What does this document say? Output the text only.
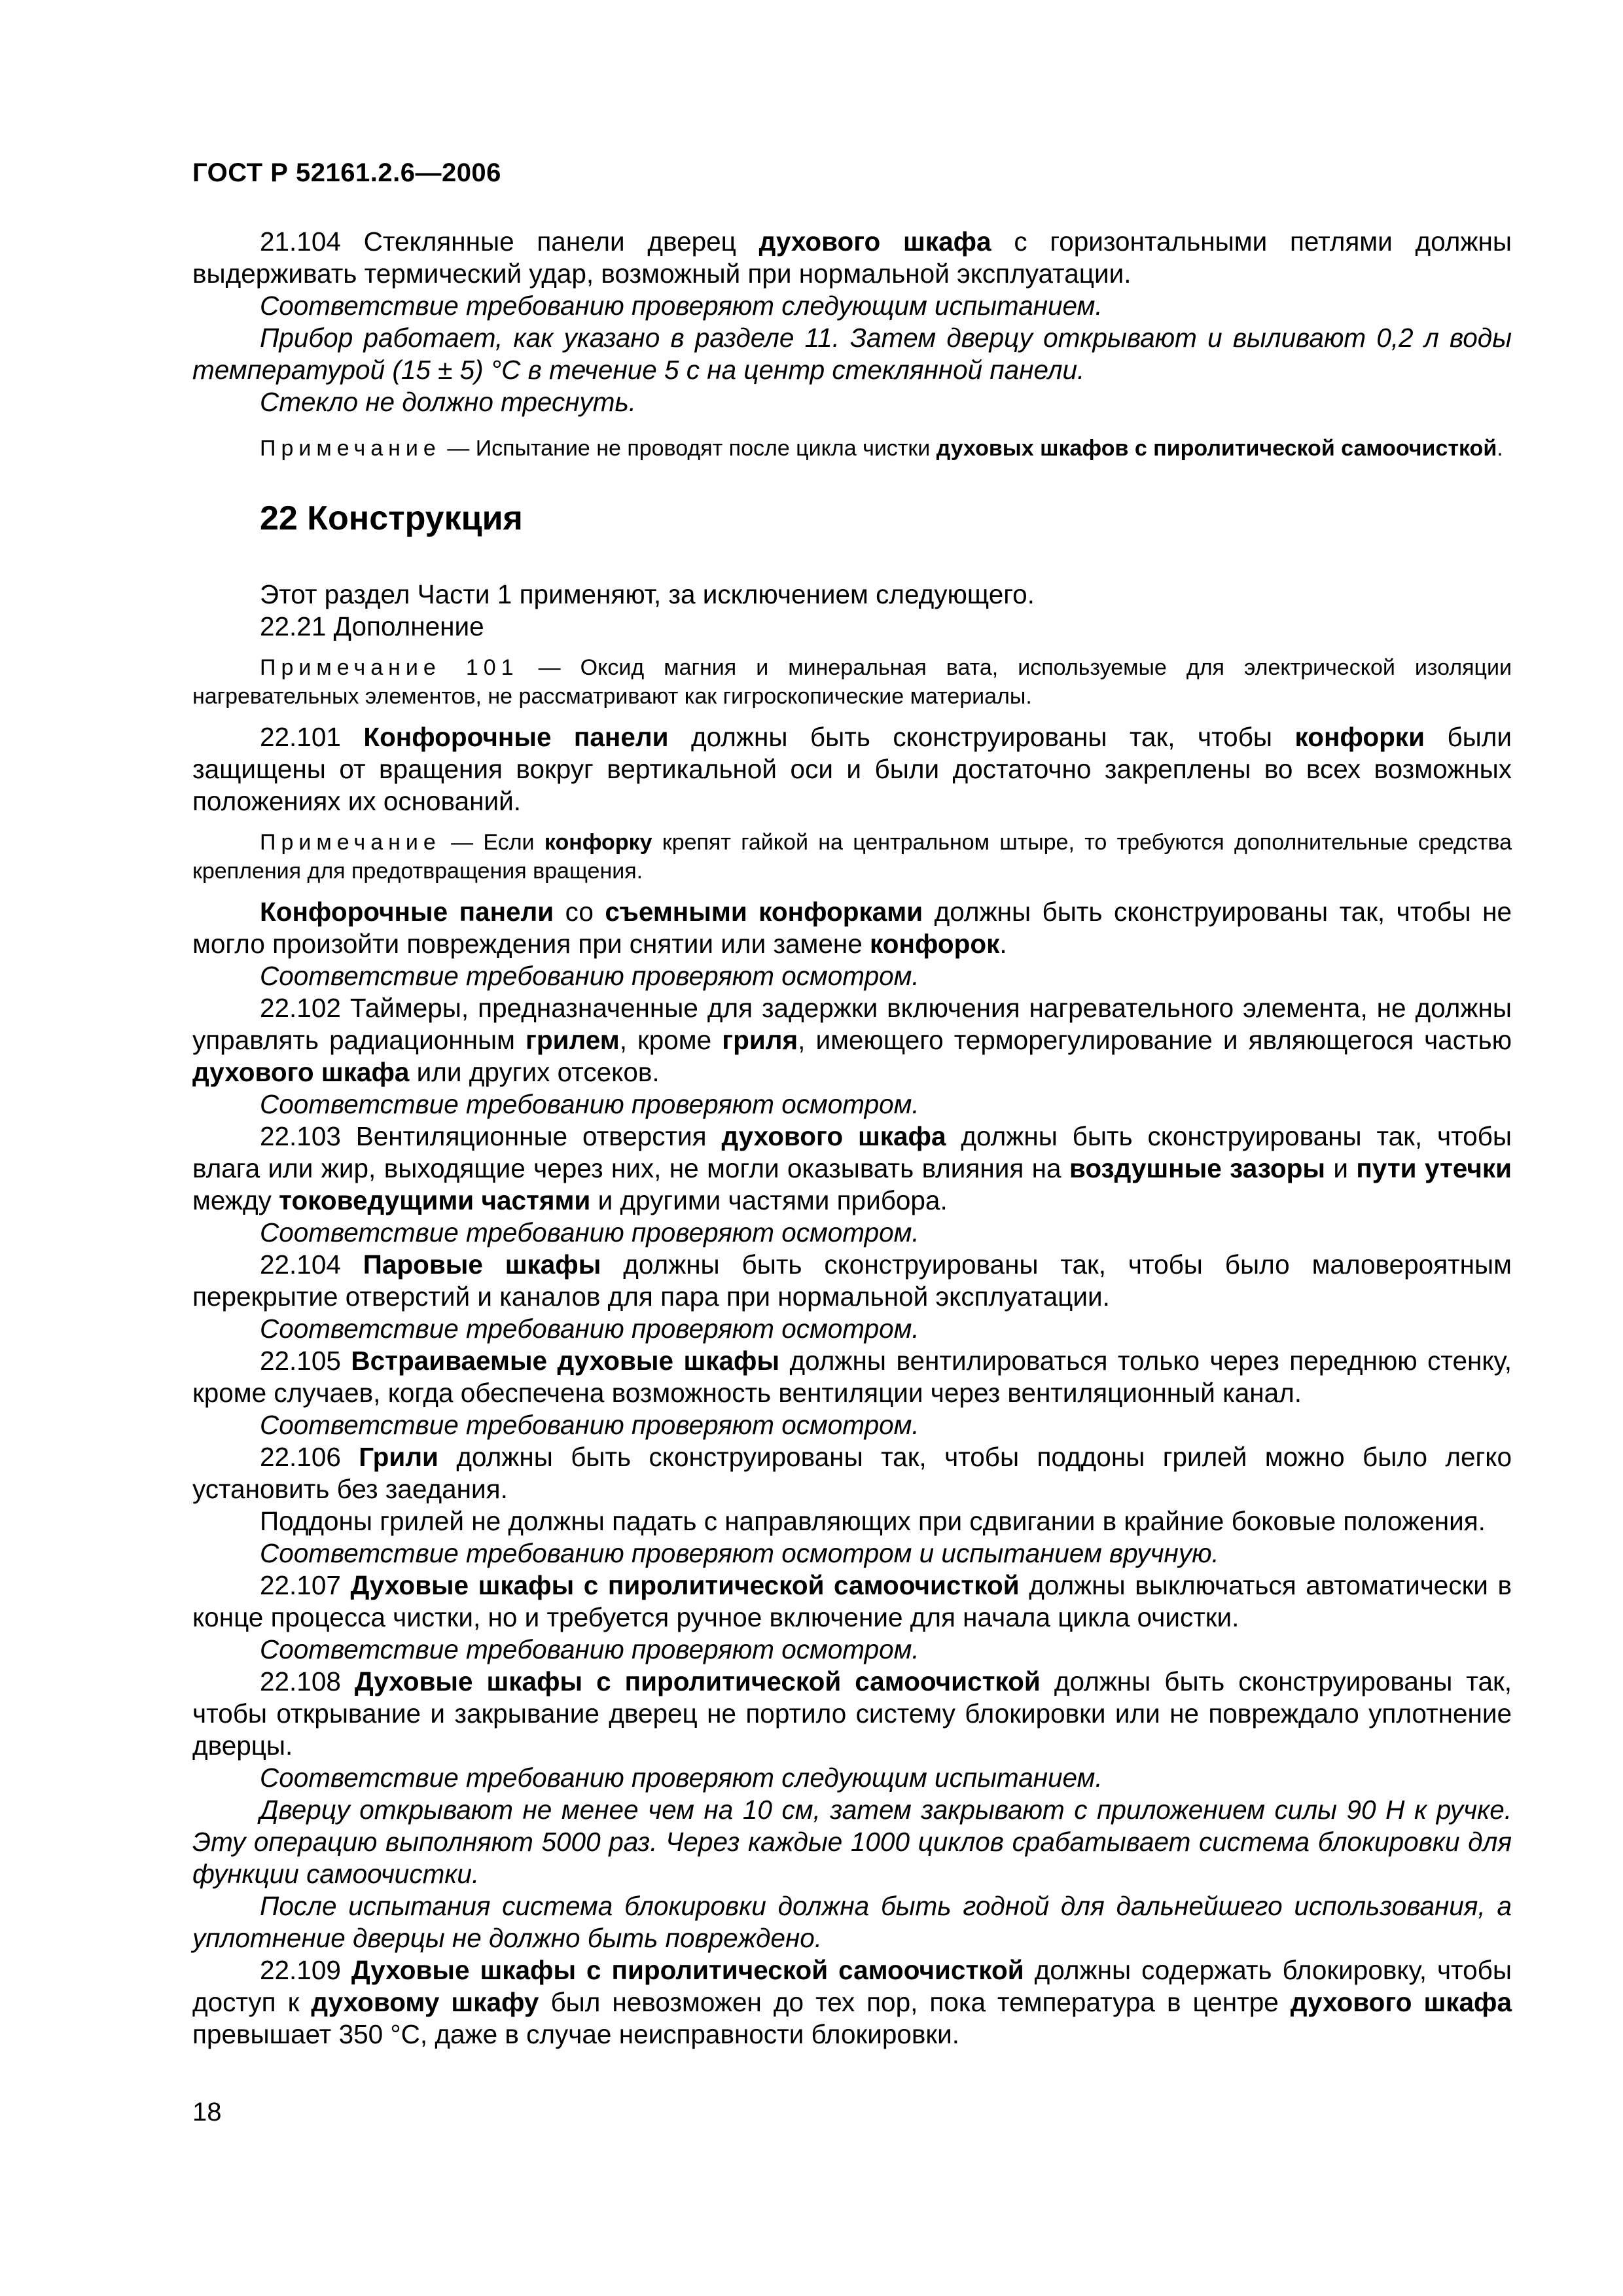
ГОСТ Р 52161.2.6—2006

21.104 Стеклянные панели дверец духового шкафа с горизонтальными петлями должны выдерживать термический удар, возможный при нормальной эксплуатации.

Соответствие требованию проверяют следующим испытанием.

Прибор работает, как указано в разделе 11. Затем дверцу открывают и выливают 0,2 л воды температурой (15 ± 5) °С в течение 5 с на центр стеклянной панели.

Стекло не должно треснуть.

Примечание — Испытание не проводят после цикла чистки духовых шкафов с пиролитической самоочисткой.

22 Конструкция

Этот раздел Части 1 применяют, за исключением следующего.

22.21 Дополнение

Примечание 101 — Оксид магния и минеральная вата, используемые для электрической изоляции нагревательных элементов, не рассматривают как гигроскопические материалы.

22.101 Конфорочные панели должны быть сконструированы так, чтобы конфорки были защищены от вращения вокруг вертикальной оси и были достаточно закреплены во всех возможных положениях их оснований.

Примечание — Если конфорку крепят гайкой на центральном штыре, то требуются дополнительные средства крепления для предотвращения вращения.

Конфорочные панели со съемными конфорками должны быть сконструированы так, чтобы не могло произойти повреждения при снятии или замене конфорок.

Соответствие требованию проверяют осмотром.

22.102 Таймеры, предназначенные для задержки включения нагревательного элемента, не должны управлять радиационным грилем, кроме гриля, имеющего терморегулирование и являющегося частью духового шкафа или других отсеков.

Соответствие требованию проверяют осмотром.

22.103 Вентиляционные отверстия духового шкафа должны быть сконструированы так, чтобы влага или жир, выходящие через них, не могли оказывать влияния на воздушные зазоры и пути утечки между токоведущими частями и другими частями прибора.

Соответствие требованию проверяют осмотром.

22.104 Паровые шкафы должны быть сконструированы так, чтобы было маловероятным перекрытие отверстий и каналов для пара при нормальной эксплуатации.

Соответствие требованию проверяют осмотром.

22.105 Встраиваемые духовые шкафы должны вентилироваться только через переднюю стенку, кроме случаев, когда обеспечена возможность вентиляции через вентиляционный канал.

Соответствие требованию проверяют осмотром.

22.106 Грили должны быть сконструированы так, чтобы поддоны грилей можно было легко установить без заедания.

Поддоны грилей не должны падать с направляющих при сдвигании в крайние боковые положения.

Соответствие требованию проверяют осмотром и испытанием вручную.

22.107 Духовые шкафы с пиролитической самоочисткой должны выключаться автоматически в конце процесса чистки, но и требуется ручное включение для начала цикла очистки.

Соответствие требованию проверяют осмотром.

22.108 Духовые шкафы с пиролитической самоочисткой должны быть сконструированы так, чтобы открывание и закрывание дверец не портило систему блокировки или не повреждало уплотнение дверцы.

Соответствие требованию проверяют следующим испытанием.

Дверцу открывают не менее чем на 10 см, затем закрывают с приложением силы 90 Н к ручке. Эту операцию выполняют 5000 раз. Через каждые 1000 циклов срабатывает система блокировки для функции самоочистки.

После испытания система блокировки должна быть годной для дальнейшего использования, а уплотнение дверцы не должно быть повреждено.

22.109 Духовые шкафы с пиролитической самоочисткой должны содержать блокировку, чтобы доступ к духовому шкафу был невозможен до тех пор, пока температура в центре духового шкафа превышает 350 °С, даже в случае неисправности блокировки.

18
